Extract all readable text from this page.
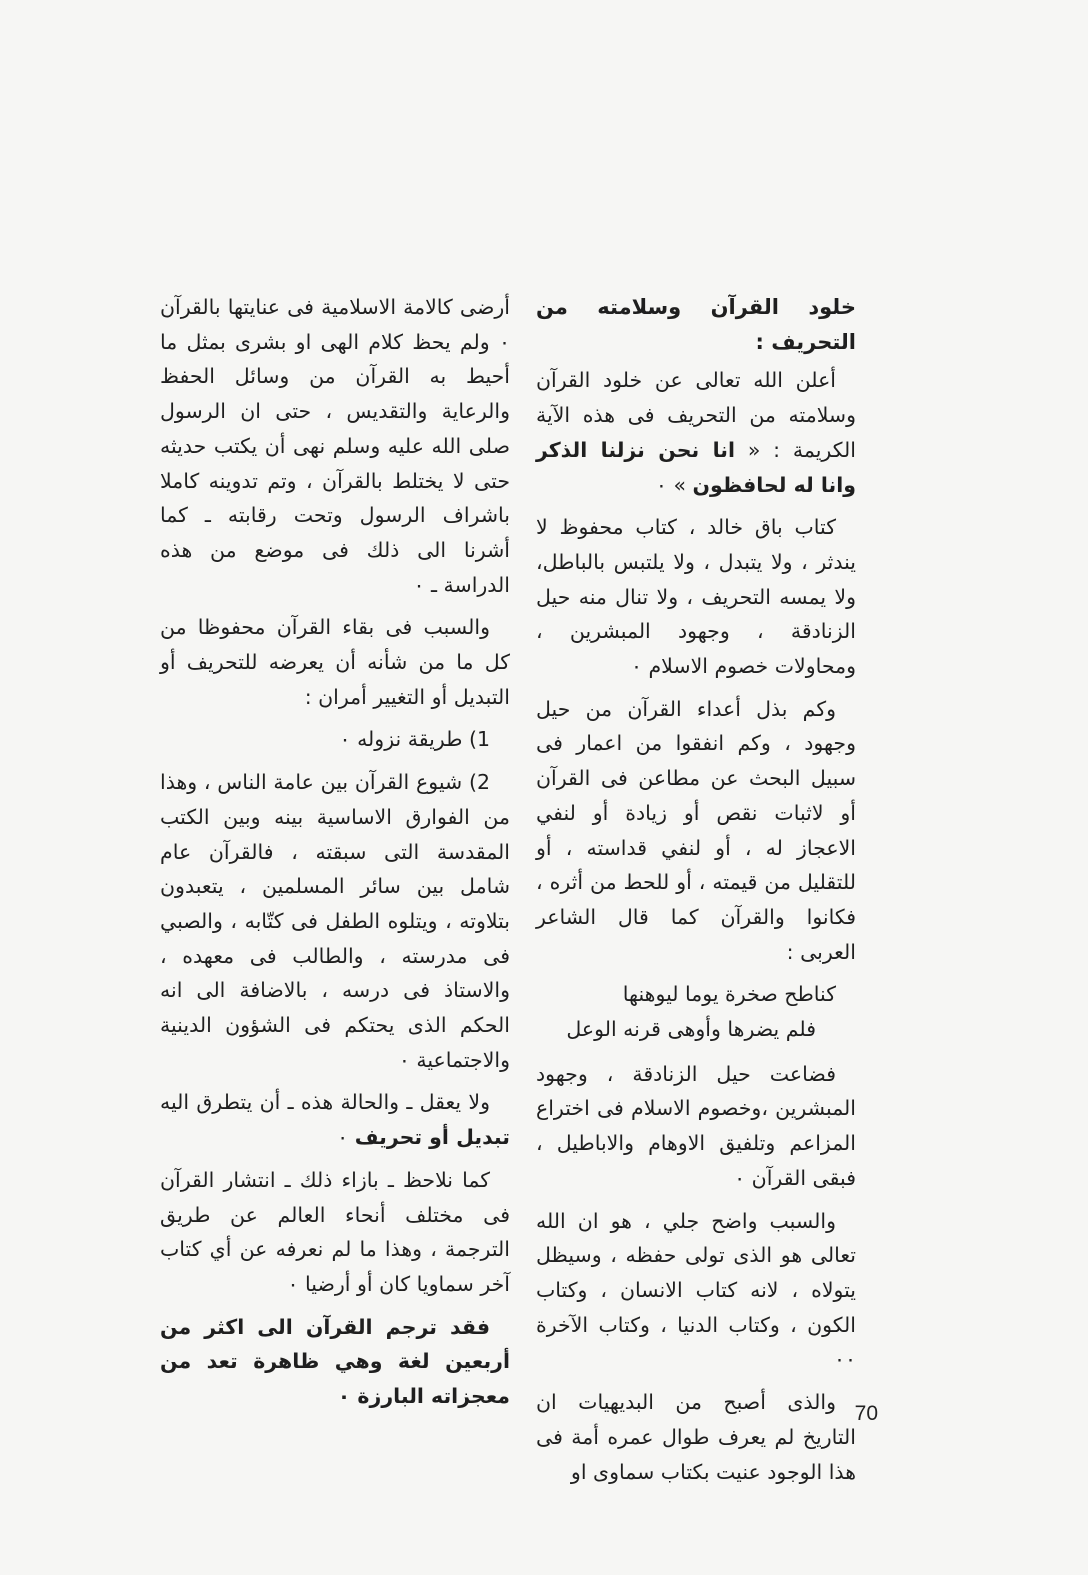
خلود القرآن وسلامته من التحريف :

أعلن الله تعالى عن خلود القرآن وسلامته من التحريف فى هذه الآية الكريمة : « انا نحن نزلنا الذكر وانا له لحافظون » ٠

كتاب باق خالد ، كتاب محفوظ لا يندثر ، ولا يتبدل ، ولا يلتبس بالباطل، ولا يمسه التحريف ، ولا تنال منه حيل الزنادقة ، وجهود المبشرين ، ومحاولات خصوم الاسلام ٠

وكم بذل أعداء القرآن من حيل وجهود ، وكم انفقوا من اعمار فى سبيل البحث عن مطاعن فى القرآن أو لاثبات نقص أو زيادة أو لنفي الاعجاز له ، أو لنفي قداسته ، أو للتقليل من قيمته ، أو للحط من أثره ، فكانوا والقرآن كما قال الشاعر العربى :

كناطح صخرة يوما ليوهنها
فلم يضرها وأوهى قرنه الوعل

فضاعت حيل الزنادقة ، وجهود المبشرين ،وخصوم الاسلام فى اختراع المزاعم وتلفيق الاوهام والاباطيل ، فبقى القرآن ٠

والسبب واضح جلي ، هو ان الله تعالى هو الذى تولى حفظه ، وسيظل يتولاه ، لانه كتاب الانسان ، وكتاب الكون ، وكتاب الدنيا ، وكتاب الآخرة ٠٠

والذى أصبح من البديهيات ان التاريخ لم يعرف طوال عمره أمة فى هذا الوجود عنيت بكتاب سماوى او

أرضى كالامة الاسلامية فى عنايتها بالقرآن ٠ ولم يحظ كلام الهى او بشرى بمثل ما أحيط به القرآن من وسائل الحفظ والرعاية والتقديس ، حتى ان الرسول صلى الله عليه وسلم نهى أن يكتب حديثه حتى لا يختلط بالقرآن ، وتم تدوينه كاملا باشراف الرسول وتحت رقابته ـ كما أشرنا الى ذلك فى موضع من هذه الدراسة ـ ٠

والسبب فى بقاء القرآن محفوظا من كل ما من شأنه أن يعرضه للتحريف أو التبديل أو التغيير أمران :

1) طريقة نزوله ٠

2) شيوع القرآن بين عامة الناس ، وهذا من الفوارق الاساسية بينه وبين الكتب المقدسة التى سبقته ، فالقرآن عام شامل بين سائر المسلمين ، يتعبدون بتلاوته ، ويتلوه الطفل فى كتّابه ، والصبي فى مدرسته ، والطالب فى معهده ، والاستاذ فى درسه ، بالاضافة الى انه الحكم الذى يحتكم فى الشؤون الدينية والاجتماعية ٠

ولا يعقل ـ والحالة هذه ـ أن يتطرق اليه تبديل أو تحريف ٠

كما نلاحظ ـ بازاء ذلك ـ انتشار القرآن فى مختلف أنحاء العالم عن طريق الترجمة ، وهذا ما لم نعرفه عن أي كتاب آخر سماويا كان أو أرضيا ٠

فقد ترجم القرآن الى اكثر من أربعين لغة وهي ظاهرة تعد من معجزاته البارزة ٠

70
